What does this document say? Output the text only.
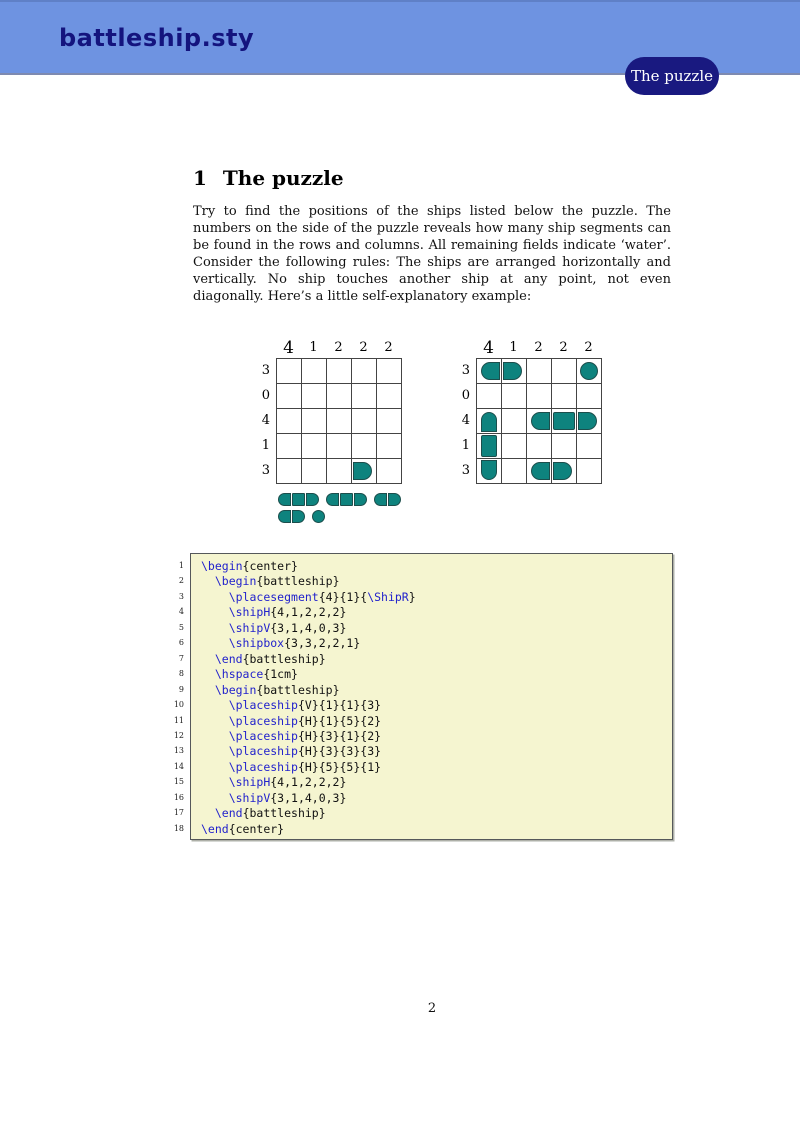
battleship.sty
The puzzle
1 The puzzle
Try to find the positions of the ships listed below the puzzle. The numbers on the side of the puzzle reveals how many ship segments can be found in the rows and columns. All remaining fields indicate ‘water’. Consider the following rules: The ships are arranged horizontally and vertically. No ship touches another ship at any point, not even diagonally. Here’s a little self-explanatory example:
4	1	2	2	2
3
0
4
1
3

4	1	2	2	2
3
0
4
1
3

1
2
3
4
5
6
7
8
9
10
11
12
13
14
15
16
17
18
\begin{center}
\begin{battleship}
\placesegment{4}{1}{\ShipR}
\shipH{4,1,2,2,2}
\shipV{3,1,4,0,3}
\shipbox{3,3,2,2,1}
\end{battleship}
\hspace{1cm}
\begin{battleship}
\placeship{V}{1}{1}{3}
\placeship{H}{1}{5}{2}
\placeship{H}{3}{1}{2}
\placeship{H}{3}{3}{3}
\placeship{H}{5}{5}{1}
\shipH{4,1,2,2,2}
\shipV{3,1,4,0,3}
\end{battleship}
\end{center}
2
